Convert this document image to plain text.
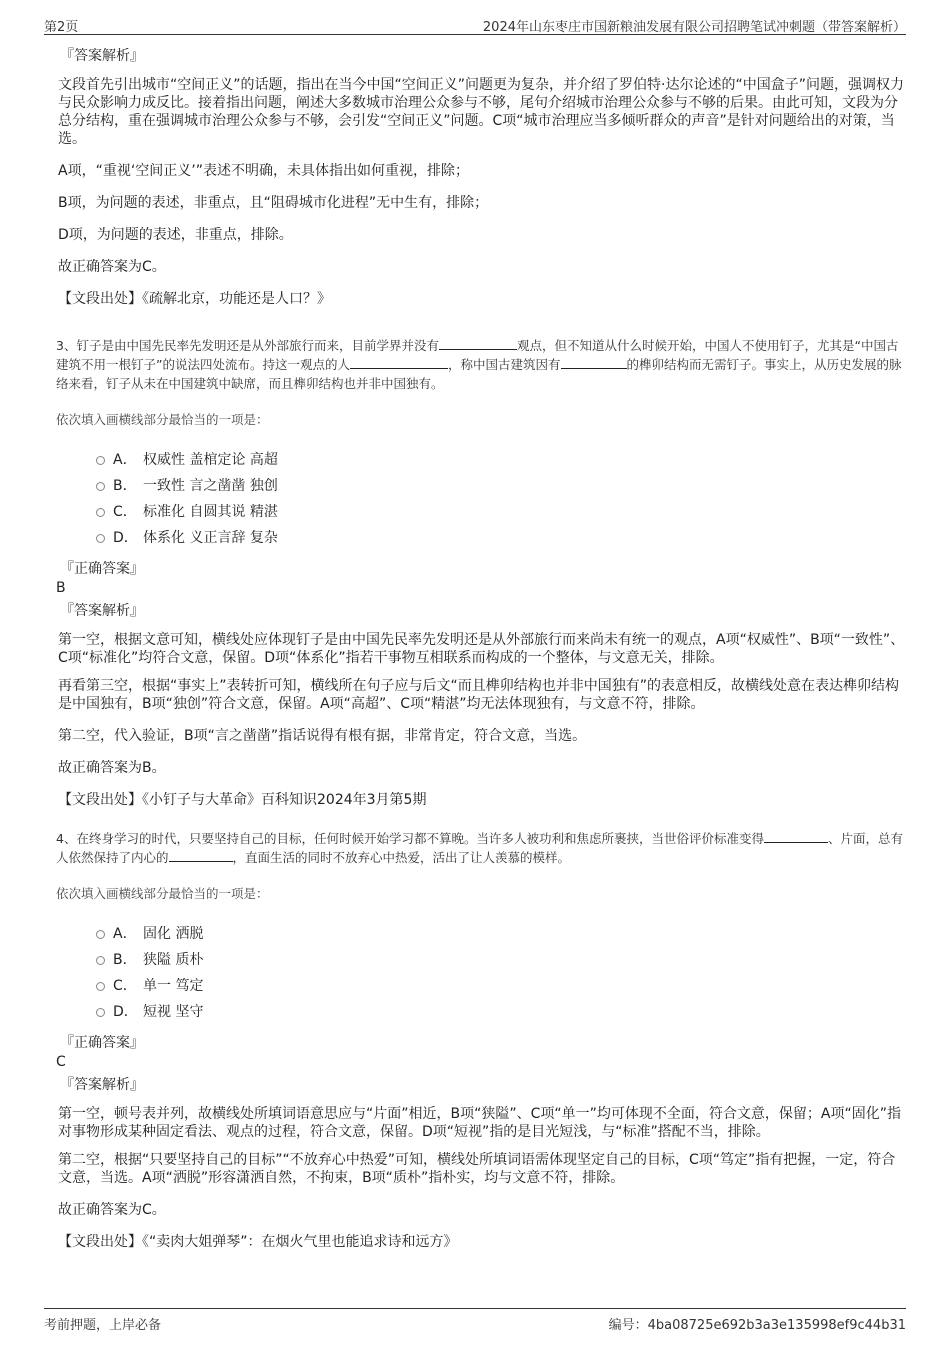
第2页	2024年山东枣庄市国新粮油发展有限公司招聘笔试冲刺题（带答案解析）
『答案解析』

文段首先引出城市“空间正义”的话题，指出在当今中国“空间正义”问题更为复杂，并介绍了罗伯特·达尔论述的“中国盒子”问题，强调权力与民众影响力成反比。接着指出问题，阐述大多数城市治理公众参与不够，尾句介绍城市治理公众参与不够的后果。由此可知，文段为分总分结构，重在强调城市治理公众参与不够，会引发“空间正义”问题。C项“城市治理应当多倾听群众的声音”是针对问题给出的对策，当选。

A项，“重视‘空间正义’”表述不明确，未具体指出如何重视，排除；

B项，为问题的表述，非重点，且“阻碍城市化进程”无中生有，排除；

D项，为问题的表述，非重点，排除。

故正确答案为C。

【文段出处】《疏解北京，功能还是人口？》

3、钉子是由中国先民率先发明还是从外部旅行而来，目前学界并没有	观点，但不知道从什么时候开始，中国人不使用钉子，尤其是“中国古建筑不用一根钉子”的说法四处流布。持这一观点的人	，称中国古建筑因有	的榫卯结构而无需钉子。事实上，从历史发展的脉络来看，钉子从未在中国建筑中缺席，而且榫卯结构也并非中国独有。

依次填入画横线部分最恰当的一项是：

A． 权威性 盖棺定论 高超
B． 一致性 言之凿凿 独创
C． 标准化 自圆其说 精湛
D． 体系化 义正言辞 复杂
『正确答案』
B
『答案解析』

第一空，根据文意可知，横线处应体现钉子是由中国先民率先发明还是从外部旅行而来尚未有统一的观点，A项“权威性”、B项“一致性”、C项“标准化”均符合文意，保留。D项“体系化”指若干事物互相联系而构成的一个整体，与文意无关，排除。

再看第三空，根据“事实上”表转折可知，横线所在句子应与后文“而且榫卯结构也并非中国独有”的表意相反，故横线处意在表达榫卯结构是中国独有，B项“独创”符合文意，保留。A项“高超”、C项“精湛”均无法体现独有，与文意不符，排除。

第二空，代入验证，B项“言之凿凿”指话说得有根有据，非常肯定，符合文意，当选。

故正确答案为B。

【文段出处】《小钉子与大革命》百科知识2024年3月第5期

4、在终身学习的时代，只要坚持自己的目标，任何时候开始学习都不算晚。当许多人被功利和焦虑所裹挟，当世俗评价标准变得	、片面，总有人依然保持了内心的	，直面生活的同时不放弃心中热爱，活出了让人羡慕的模样。

依次填入画横线部分最恰当的一项是：

A． 固化 洒脱
B． 狭隘 质朴
C． 单一 笃定
D． 短视 坚守
『正确答案』
C
『答案解析』

第一空，顿号表并列，故横线处所填词语意思应与“片面”相近，B项“狭隘”、C项“单一”均可体现不全面，符合文意，保留；A项“固化”指对事物形成某种固定看法、观点的过程，符合文意，保留。D项“短视”指的是目光短浅，与“标准”搭配不当，排除。

第二空，根据“只要坚持自己的目标”“不放弃心中热爱”可知，横线处所填词语需体现坚定自己的目标，C项“笃定”指有把握，一定，符合文意，当选。A项“洒脱”形容潇洒自然，不拘束，B项“质朴”指朴实，均与文意不符，排除。

故正确答案为C。

【文段出处】《“卖肉大姐弹琴”：在烟火气里也能追求诗和远方》

考前押题，上岸必备	编号：4ba08725e692b3a3e135998ef9c44b31
